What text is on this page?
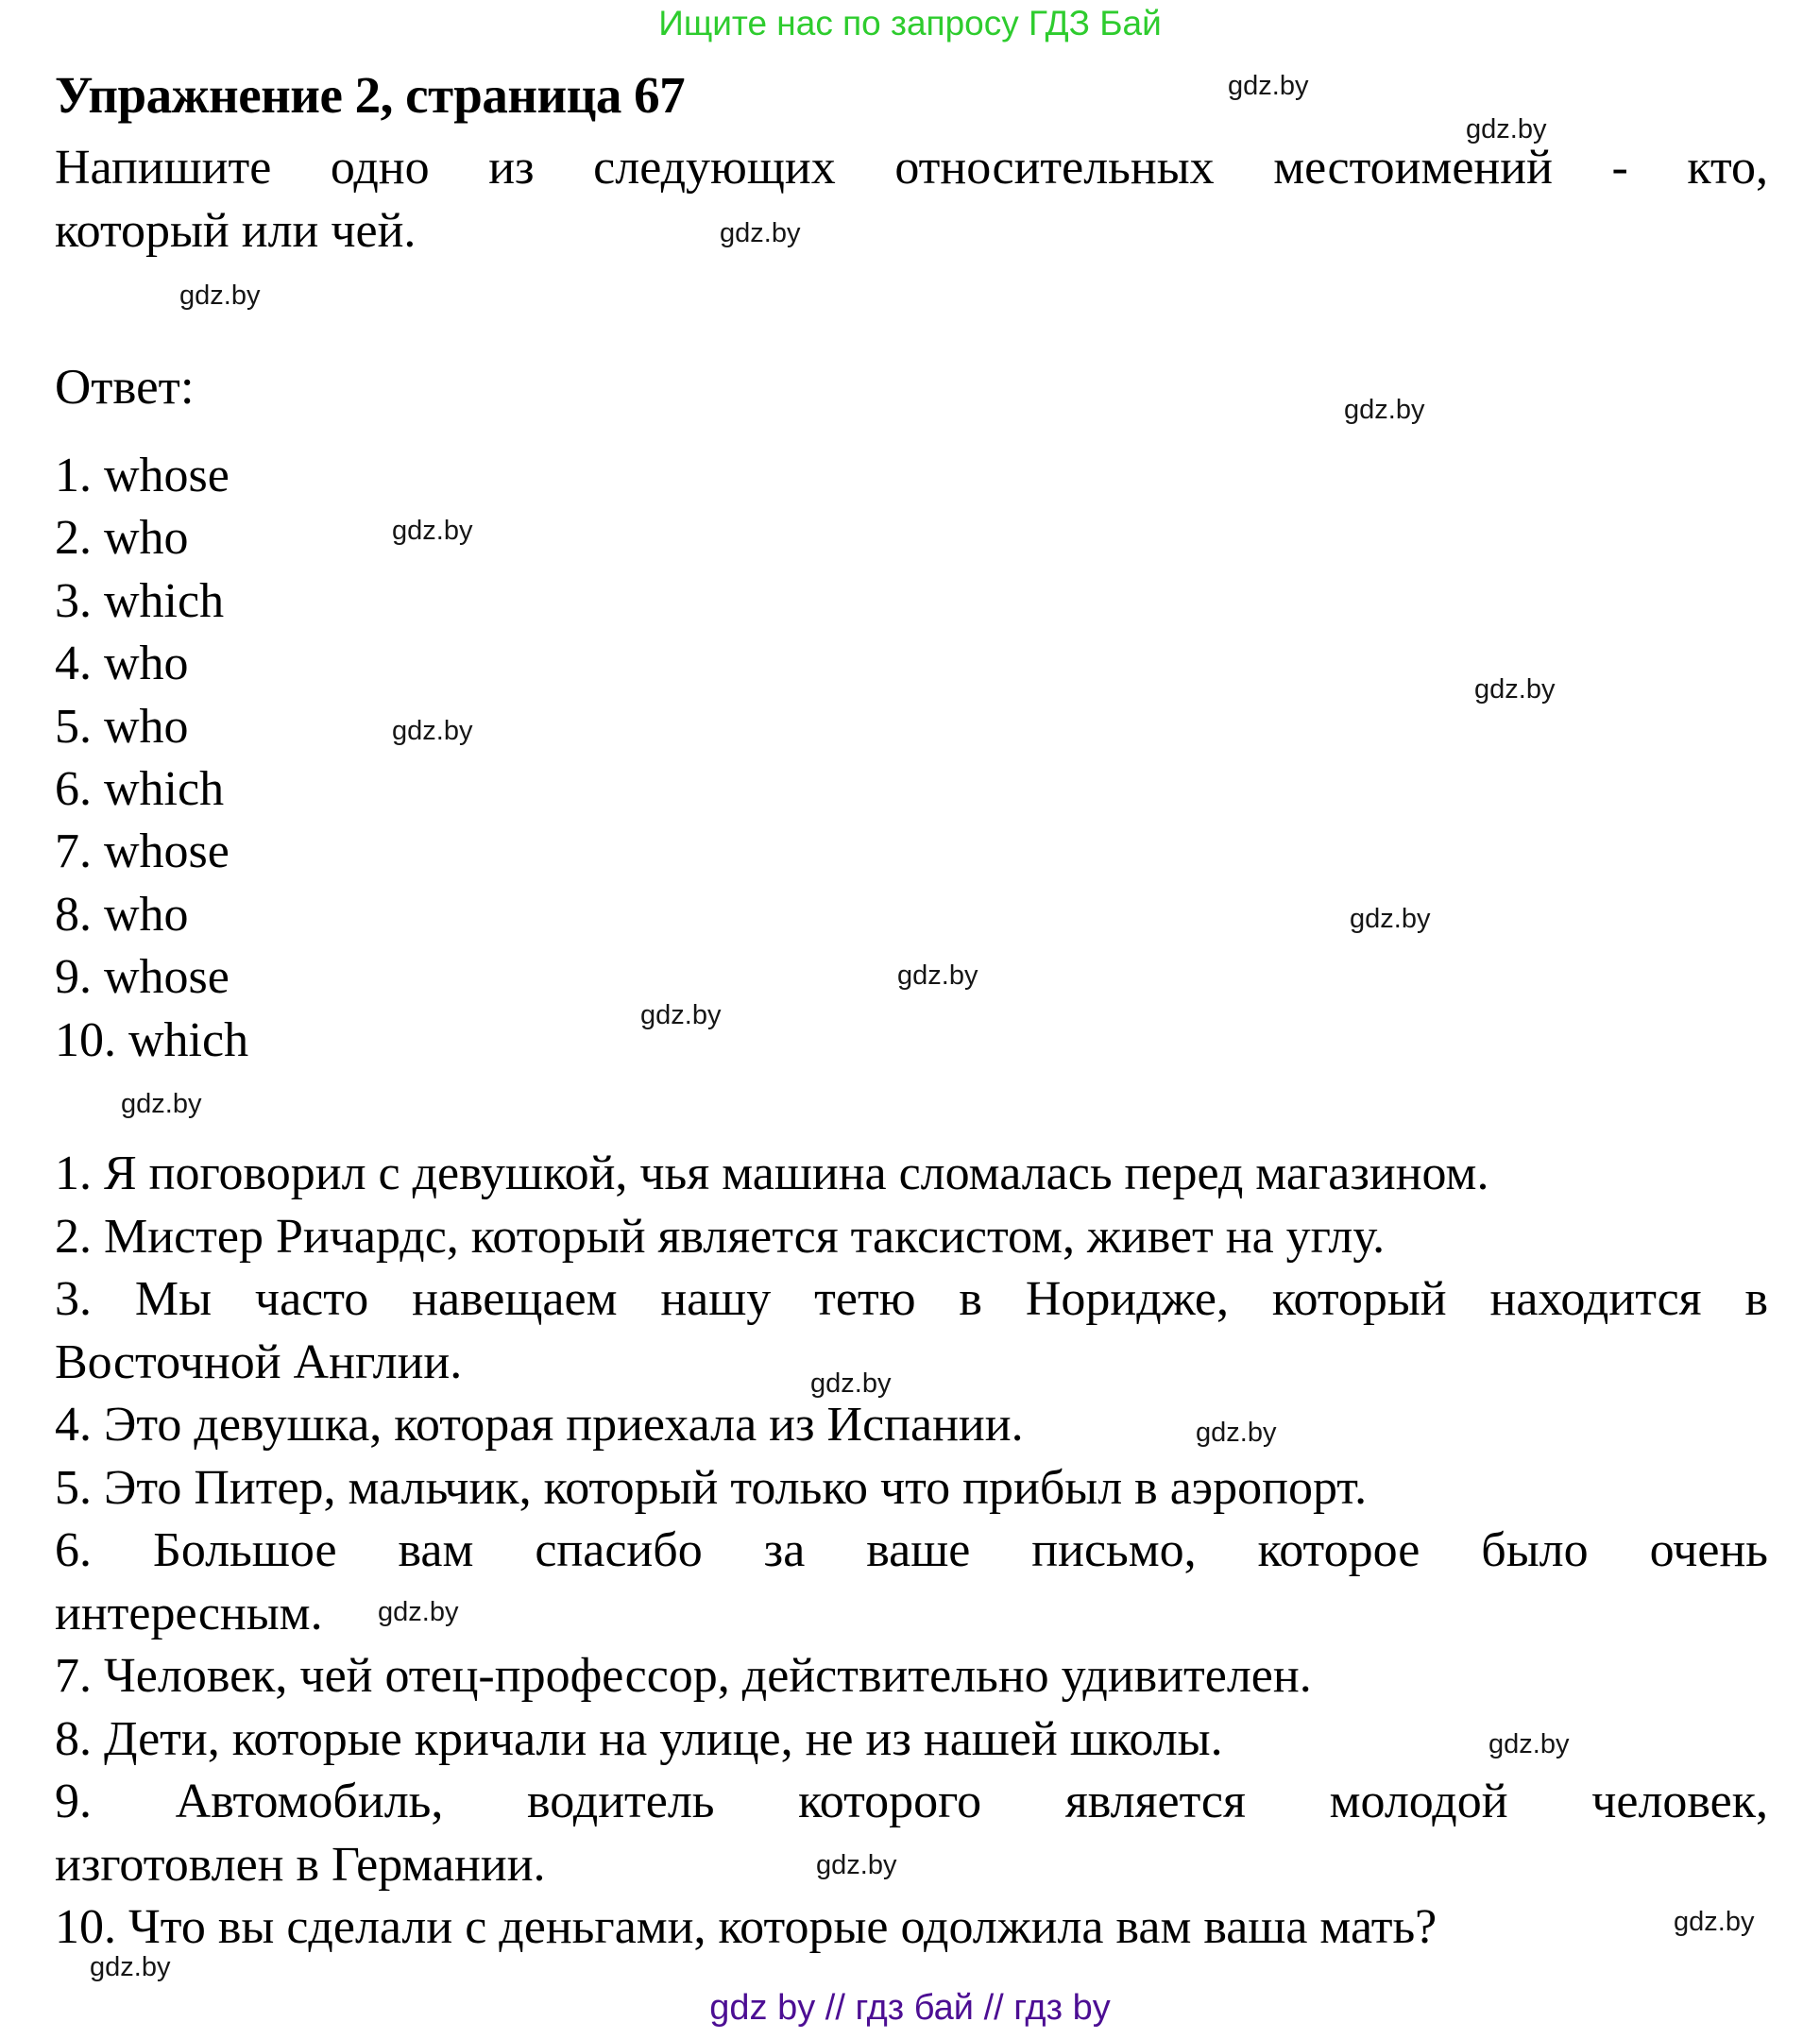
Ищите нас по запросу ГДЗ Бай
Упражнение 2, страница 67
Напишите одно из следующих относительных местоимений - кто,
который или чей.
Ответ:
1. whose
2. who
3. which
4. who
5. who
6. which
7. whose
8. who
9. whose
10. which
1. Я поговорил с девушкой, чья машина сломалась перед магазином.
2. Мистер Ричардс, который является таксистом, живет на углу.
3. Мы часто навещаем нашу тетю в Норидже, который находится в
Восточной Англии.
4. Это девушка, которая приехала из Испании.
5. Это Питер, мальчик, который только что прибыл в аэропорт.
6. Большое вам спасибо за ваше письмо, которое было очень
интересным.
7. Человек, чей отец-профессор, действительно удивителен.
8. Дети, которые кричали на улице, не из нашей школы.
9. Автомобиль, водитель которого является молодой человек,
изготовлен в Германии.
10. Что вы сделали с деньгами, которые одолжила вам ваша мать?
gdz.by
gdz.by
gdz.by
gdz.by
gdz.by
gdz.by
gdz.by
gdz.by
gdz.by
gdz.by
gdz.by
gdz.by
gdz.by
gdz.by
gdz.by
gdz.by
gdz.by
gdz.by
gdz.by
gdz by // гдз бай // гдз by
